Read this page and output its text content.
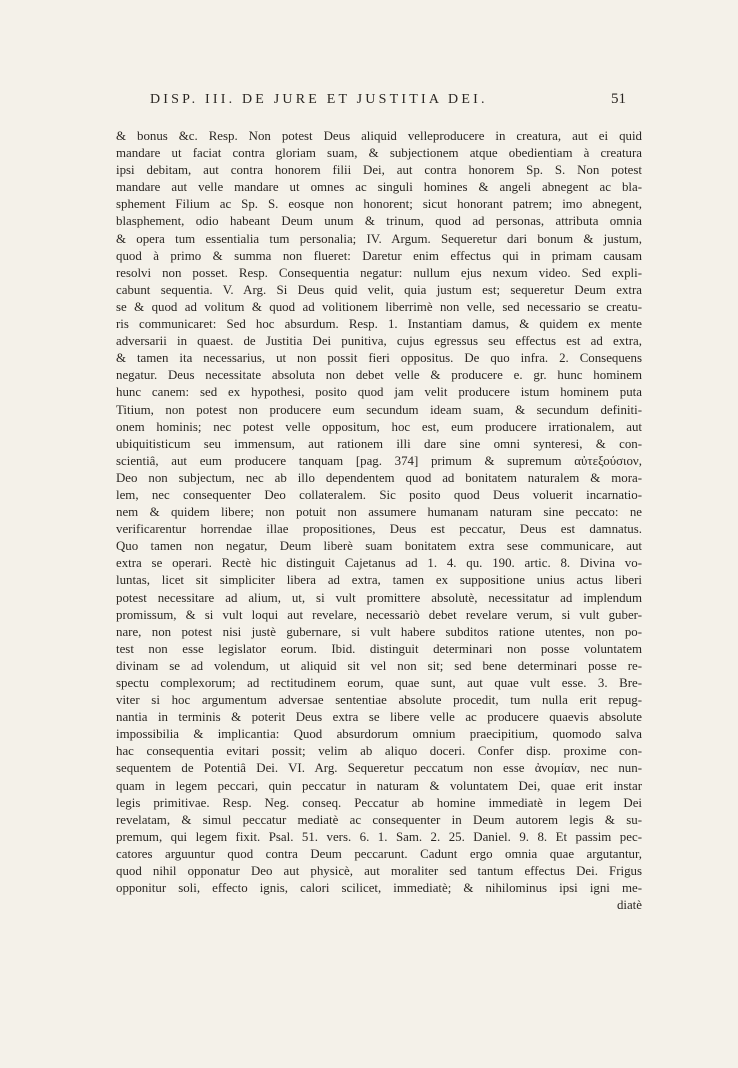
DISP. III. DE JURE ET JUSTITIA DEI.	51
& bonus &c. Resp. Non potest Deus aliquid velleproducere in creatura, aut ei quid
mandare ut faciat contra gloriam suam, & subjectionem atque obedientiam à creatura
ipsi debitam, aut contra honorem filii Dei, aut contra honorem Sp. S. Non potest
mandare aut velle mandare ut omnes ac singuli homines & angeli abnegent ac bla-
sphement Filium ac Sp. S. eosque non honorent; sicut honorant patrem; imo abnegent,
blasphement, odio habeant Deum unum & trinum, quod ad personas, attributa omnia
& opera tum essentialia tum personalia; IV. Argum. Sequeretur dari bonum & justum,
quod à primo & summa non flueret: Daretur enim effectus qui in primam causam
resolvi non posset. Resp. Consequentia negatur: nullum ejus nexum video. Sed expli-
cabunt sequentia. V. Arg. Si Deus quid velit, quia justum est; sequeretur Deum extra
se & quod ad volitum & quod ad volitionem liberrimè non velle, sed necessario se creatu-
ris communicaret: Sed hoc absurdum. Resp. 1. Instantiam damus, & quidem ex mente
adversarii in quaest. de Justitia Dei punitiva, cujus egressus seu effectus est ad extra,
& tamen ita necessarius, ut non possit fieri oppositus. De quo infra. 2. Consequens
negatur. Deus necessitate absoluta non debet velle & producere e. gr. hunc hominem
hunc canem: sed ex hypothesi, posito quod jam velit producere istum hominem puta
Titium, non potest non producere eum secundum ideam suam, & secundum definiti-
onem hominis; nec potest velle oppositum, hoc est, eum producere irrationalem, aut
ubiquitisticum seu immensum, aut rationem illi dare sine omni synteresi, & con-
scientiâ, aut eum producere tanquam [pag. 374] primum & supremum αὐτεξούσιον,
Deo non subjectum, nec ab illo dependentem quod ad bonitatem naturalem & mora-
lem, nec consequenter Deo collateralem. Sic posito quod Deus voluerit incarnatio-
nem & quidem libere; non potuit non assumere humanam naturam sine peccato: ne
verificarentur horrendae illae propositiones, Deus est peccatur, Deus est damnatus.
Quo tamen non negatur, Deum liberè suam bonitatem extra sese communicare, aut
extra se operari. Rectè hic distinguit Cajetanus ad 1. 4. qu. 190. artic. 8. Divina vo-
luntas, licet sit simpliciter libera ad extra, tamen ex suppositione unius actus liberi
potest necessitare ad alium, ut, si vult promittere absolutè, necessitatur ad implendum
promissum, & si vult loqui aut revelare, necessariò debet revelare verum, si vult guber-
nare, non potest nisi justè gubernare, si vult habere subditos ratione utentes, non po-
test non esse legislator eorum. Ibid. distinguit determinari non posse voluntatem
divinam se ad volendum, ut aliquid sit vel non sit; sed bene determinari posse re-
spectu complexorum; ad rectitudinem eorum, quae sunt, aut quae vult esse. 3. Bre-
viter si hoc argumentum adversae sententiae absolute procedit, tum nulla erit repug-
nantia in terminis & poterit Deus extra se libere velle ac producere quaevis absolute
impossibilia & implicantia: Quod absurdorum omnium praecipitium, quomodo salva
hac consequentia evitari possit; velim ab aliquo doceri. Confer disp. proxime con-
sequentem de Potentiâ Dei. VI. Arg. Sequeretur peccatum non esse ἀνομίαν, nec nun-
quam in legem peccari, quin peccatur in naturam & voluntatem Dei, quae erit instar
legis primitivae. Resp. Neg. conseq. Peccatur ab homine immediatè in legem Dei
revelatam, & simul peccatur mediatè ac consequenter in Deum autorem legis & su-
premum, qui legem fixit. Psal. 51. vers. 6. 1. Sam. 2. 25. Daniel. 9. 8. Et passim pec-
catores arguuntur quod contra Deum peccarunt. Cadunt ergo omnia quae argutantur,
quod nihil opponatur Deo aut physicè, aut moraliter sed tantum effectus Dei. Frigus
opponitur soli, effecto ignis, calori scilicet, immediatè; & nihilominus ipsi igni me-
diatè
